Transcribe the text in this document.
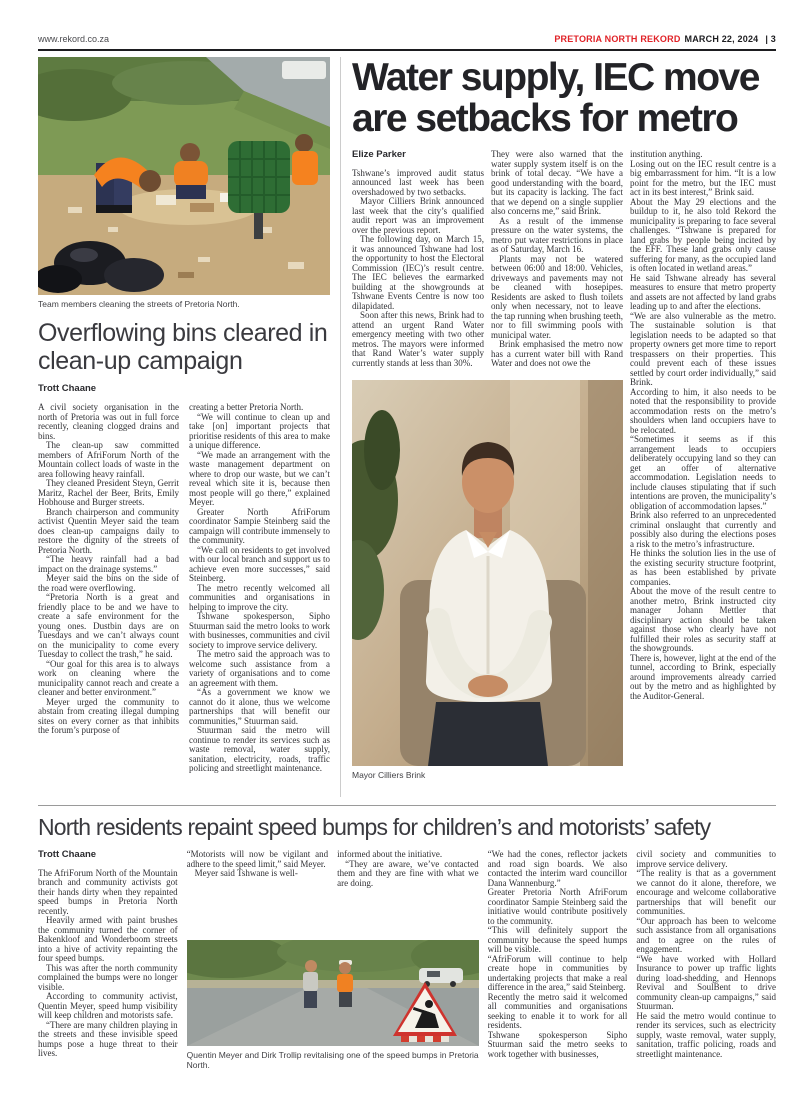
www.rekord.co.za	PRETORIA NORTH REKORD MARCH 22, 2024 | 3
Team members cleaning the streets of Pretoria North.
Overflowing bins cleared in clean-up campaign
Trott Chaane

A civil society organisation in the north of Pretoria was out in full force recently, cleaning clogged drains and bins.

The clean-up saw committed members of AfriForum North of the Mountain collect loads of waste in the area following heavy rainfall.

They cleaned President Steyn, Gerrit Maritz, Rachel der Beer, Brits, Emily Hobhouse and Burger streets.

Branch chairperson and community activist Quentin Meyer said the team does clean-up campaigns daily to restore the dignity of the streets of Pretoria North.

“The heavy rainfall had a bad impact on the drainage systems.”

Meyer said the bins on the side of the road were overflowing.

“Pretoria North is a great and friendly place to be and we have to create a safe environment for the young ones. Dustbin days are on Tuesdays and we can’t always count on the municipality to come every Tuesday to collect the trash,” he said.

“Our goal for this area is to always work on cleaning where the municipality cannot reach and create a cleaner and better environment.”

Meyer urged the community to abstain from creating illegal dumping sites on every corner as that inhibits the forum’s purpose of

creating a better Pretoria North.

“We will continue to clean up and take [on] important projects that prioritise residents of this area to make a unique difference.

“We made an arrangement with the waste management department on where to drop our waste, but we can’t reveal which site it is, because then most people will go there,” explained Meyer.

Greater North AfriForum coordinator Sampie Steinberg said the campaign will contribute immensely to the community.

“We call on residents to get involved with our local branch and support us to achieve even more successes,” said Steinberg.

The metro recently welcomed all communities and organisations in helping to improve the city.

Tshwane spokesperson, Sipho Stuurman said the metro looks to work with businesses, communities and civil society to improve service delivery.

The metro said the approach was to welcome such assistance from a variety of organisations and to come an agreement with them.

“As a government we know we cannot do it alone, thus we welcome partnerships that will benefit our communities,” Stuurman said.

Stuurman said the metro will continue to render its services such as waste removal, water supply, sanitation, electricity, roads, traffic policing and streetlight maintenance.

Water supply, IEC move are setbacks for metro
Elize Parker

Tshwane’s improved audit status announced last week has been overshadowed by two setbacks.

Mayor Cilliers Brink announced last week that the city’s qualified audit report was an improvement over the previous report.

The following day, on March 15, it was announced Tshwane had lost the opportunity to host the Electoral Commission (IEC)’s result centre. The IEC believes the earmarked building at the showgrounds at Tshwane Events Centre is now too dilapidated.

Soon after this news, Brink had to attend an urgent Rand Water emergency meeting with two other metros. The mayors were informed that Rand Water’s water supply currently stands at less than 30%.

They were also warned that the water supply system itself is on the brink of total decay. “We have a good understanding with the board, but its capacity is lacking. The fact that we depend on a single supplier also concerns me,” said Brink.

As a result of the immense pressure on the water systems, the metro put water restrictions in place as of Saturday, March 16.

Plants may not be watered between 06:00 and 18:00. Vehicles, driveways and pavements may not be cleaned with hosepipes. Residents are asked to flush toilets only when necessary, not to leave the tap running when brushing teeth, nor to fill swimming pools with municipal water.

Brink emphasised the metro now has a current water bill with Rand Water and does not owe the

Mayor Cilliers Brink

institution anything.

Losing out on the IEC result centre is a big embarrassment for him. “It is a low point for the metro, but the IEC must act in its best interest,” Brink said.

About the May 29 elections and the buildup to it, he also told Rekord the municipality is preparing to face several challenges. “Tshwane is prepared for land grabs by people being incited by the EFF. These land grabs only cause suffering for many, as the occupied land is often located in wetland areas.”

He said Tshwane already has several measures to ensure that metro property and assets are not affected by land grabs leading up to and after the elections.

“We are also vulnerable as the metro. The sustainable solution is that legislation needs to be adapted so that property owners get more time to report trespassers on their properties. This could prevent each of these issues settled by court order individually,” said Brink.

According to him, it also needs to be noted that the responsibility to provide accommodation rests on the metro’s shoulders when land occupiers have to be relocated.

“Sometimes it seems as if this arrangement leads to occupiers deliberately occupying land so they can get an offer of alternative accommodation. Legislation needs to include clauses stipulating that if such intentions are proven, the municipality’s obligation of accommodation lapses.”

Brink also referred to an unprecedented criminal onslaught that currently and possibly also during the elections poses a risk to the metro’s infrastructure.

He thinks the solution lies in the use of the existing security structure footprint, as has been established by private companies.

About the move of the result centre to another metro, Brink instructed city manager Johann Mettler that disciplinary action should be taken against those who clearly have not fulfilled their roles as security staff at the showgrounds.

There is, however, light at the end of the tunnel, according to Brink, especially around improvements already carried out by the metro and as highlighted by the Auditor-General.

North residents repaint speed bumps for children’s and motorists’ safety
Trott Chaane

The AfriForum North of the Mountain branch and community activists got their hands dirty when they repainted speed bumps in Pretoria North recently.

Heavily armed with paint brushes the community turned the corner of Bakenkloof and Wonderboom streets into a hive of activity repainting the four speed bumps.

This was after the north community complained the bumps were no longer visible.

According to community activist, Quentin Meyer, speed hump visibility will keep children and motorists safe.

“There are many children playing in the streets and these invisible speed humps pose a huge threat to their lives.

“Motorists will now be vigilant and adhere to the speed limit,” said Meyer.

Meyer said Tshwane is well-

informed about the initiative.

“They are aware, we’ve contacted them and they are fine with what we are doing.

Quentin Meyer and Dirk Trollip revitalising one of the speed bumps in Pretoria North.

“We had the cones, reflector jackets and road sign boards. We also contacted the interim ward councillor Dana Wannenburg.”

Greater Pretoria North AfriForum coordinator Sampie Steinberg said the initiative would contribute positively to the community.

“This will definitely support the community because the speed humps will be visible.

“AfriForum will continue to help create hope in communities by undertaking projects that make a real difference in the area,” said Steinberg.

Recently the metro said it welcomed all communities and organisations seeking to enable it to work for all residents.

Tshwane spokesperson Sipho Stuurman said the metro seeks to work together with businesses,

civil society and communities to improve service delivery.

“The reality is that as a government we cannot do it alone, therefore, we encourage and welcome collaborative partnerships that will benefit our communities.

“Our approach has been to welcome such assistance from all organisations and to agree on the rules of engagement.

“We have worked with Hollard Insurance to power up traffic lights during load-shedding, and Hennops Revival and SoulBent to drive community clean-up campaigns,” said Stuurman.

He said the metro would continue to render its services, such as electricity supply, waste removal, water supply, sanitation, traffic policing, roads and streetlight maintenance.
